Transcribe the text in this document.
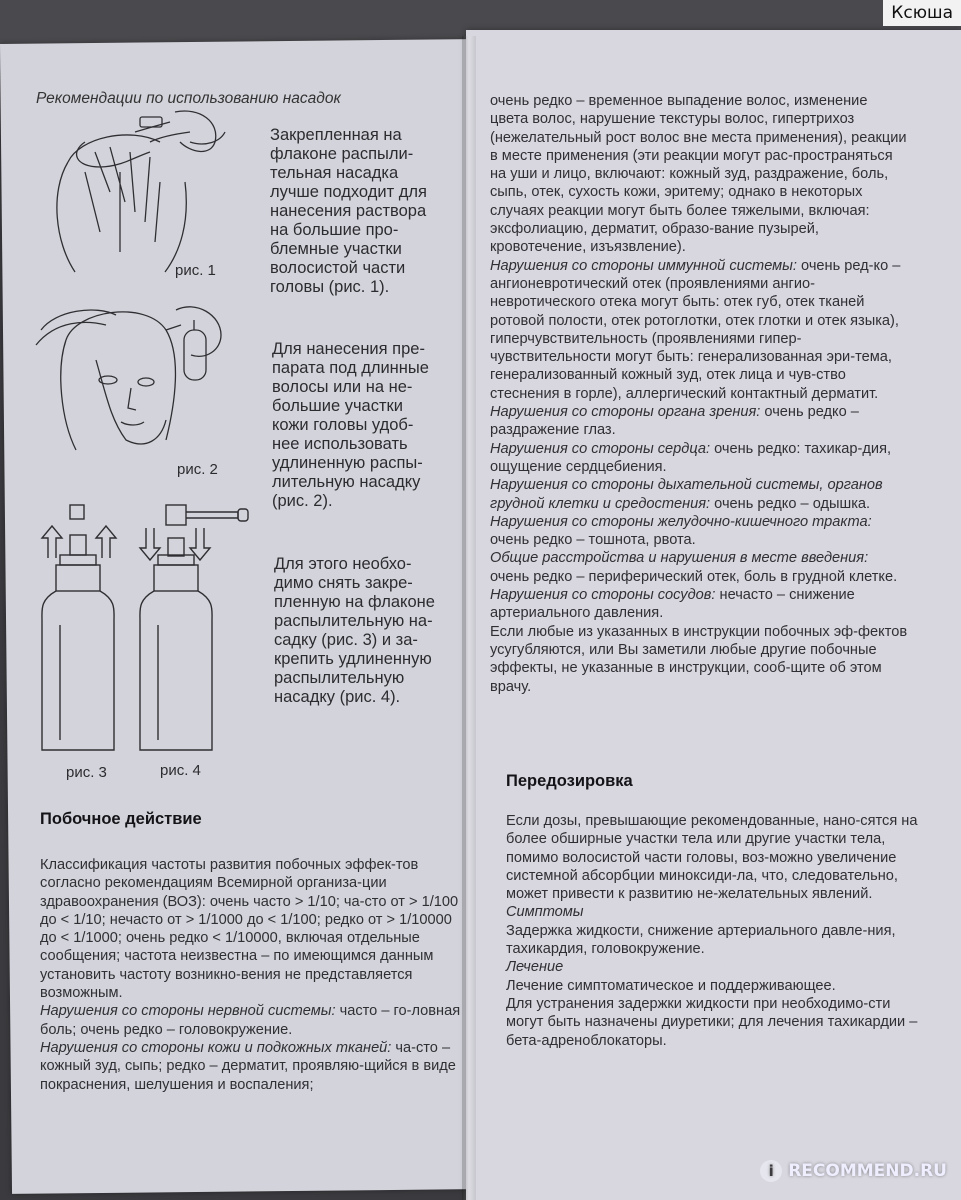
Ксюша
Рекомендации по использованию насадок
Закрепленная на
флаконе распыли-
тельная насадка
лучше подходит для
нанесения раствора
на большие про-
блемные участки
волосистой части
головы (рис. 1).
рис. 1
Для нанесения пре-
парата под длинные
волосы или на не-
большие участки
кожи головы удоб-
нее использовать
удлиненную распы-
лительную насадку
(рис. 2).
рис. 2
Для этого необхо-
димо снять закре-
пленную на флаконе
распылительную на-
садку (рис. 3) и за-
крепить удлиненную
распылительную
насадку (рис. 4).
рис. 3	рис. 4
Побочное действие

Классификация частоты развития побочных эффек-тов согласно рекомендациям Всемирной организа-ции здравоохранения (ВОЗ): очень часто > 1/10; ча-сто от > 1/100 до < 1/10; нечасто от > 1/1000 до < 1/100; редко от > 1/10000 до < 1/1000; очень редко < 1/10000, включая отдельные сообщения; частота неизвестна – по имеющимся данным установить частоту возникно-вения не представляется возможным.

Нарушения со стороны нервной системы: часто – го-ловная боль; очень редко – головокружение.

Нарушения со стороны кожи и подкожных тканей: ча-сто – кожный зуд, сыпь; редко – дерматит, проявляю-щийся в виде покраснения, шелушения и воспаления;

очень редко – временное выпадение волос, изменение цвета волос, нарушение текстуры волос, гипертрихоз (нежелательный рост волос вне места применения), реакции в месте применения (эти реакции могут рас-пространяться на уши и лицо, включают: кожный зуд, раздражение, боль, сыпь, отек, сухость кожи, эритему; однако в некоторых случаях реакции могут быть более тяжелыми, включая: эксфолиацию, дерматит, образо-вание пузырей, кровотечение, изъязвление).

Нарушения со стороны иммунной системы: очень ред-ко – ангионевротический отек (проявлениями ангио-невротического отека могут быть: отек губ, отек тканей ротовой полости, отек ротоглотки, отек глотки и отек языка), гиперчувствительность (проявлениями гипер-чувствительности могут быть: генерализованная эри-тема, генерализованный кожный зуд, отек лица и чув-ство стеснения в горле), аллергический контактный дерматит.

Нарушения со стороны органа зрения: очень редко – раздражение глаз.

Нарушения со стороны сердца: очень редко: тахикар-дия, ощущение сердцебиения.

Нарушения со стороны дыхательной системы, органов грудной клетки и средостения: очень редко – одышка.

Нарушения со стороны желудочно-кишечного тракта: очень редко – тошнота, рвота.

Общие расстройства и нарушения в месте введения: очень редко – периферический отек, боль в грудной клетке.

Нарушения со стороны сосудов: нечасто – снижение артериального давления.

Если любые из указанных в инструкции побочных эф-фектов усугубляются, или Вы заметили любые другие побочные эффекты, не указанные в инструкции, сооб-щите об этом врачу.

Передозировка

Если дозы, превышающие рекомендованные, нано-сятся на более обширные участки тела или другие участки тела, помимо волосистой части головы, воз-можно увеличение системной абсорбции миноксиди-ла, что, следовательно, может привести к развитию не-желательных явлений.

Симптомы

Задержка жидкости, снижение артериального давле-ния, тахикардия, головокружение.

Лечение

Лечение симптоматическое и поддерживающее.

Для устранения задержки жидкости при необходимо-сти могут быть назначены диуретики; для лечения тахикардии – бета-адреноблокаторы.

i RECOMMEND.RU
